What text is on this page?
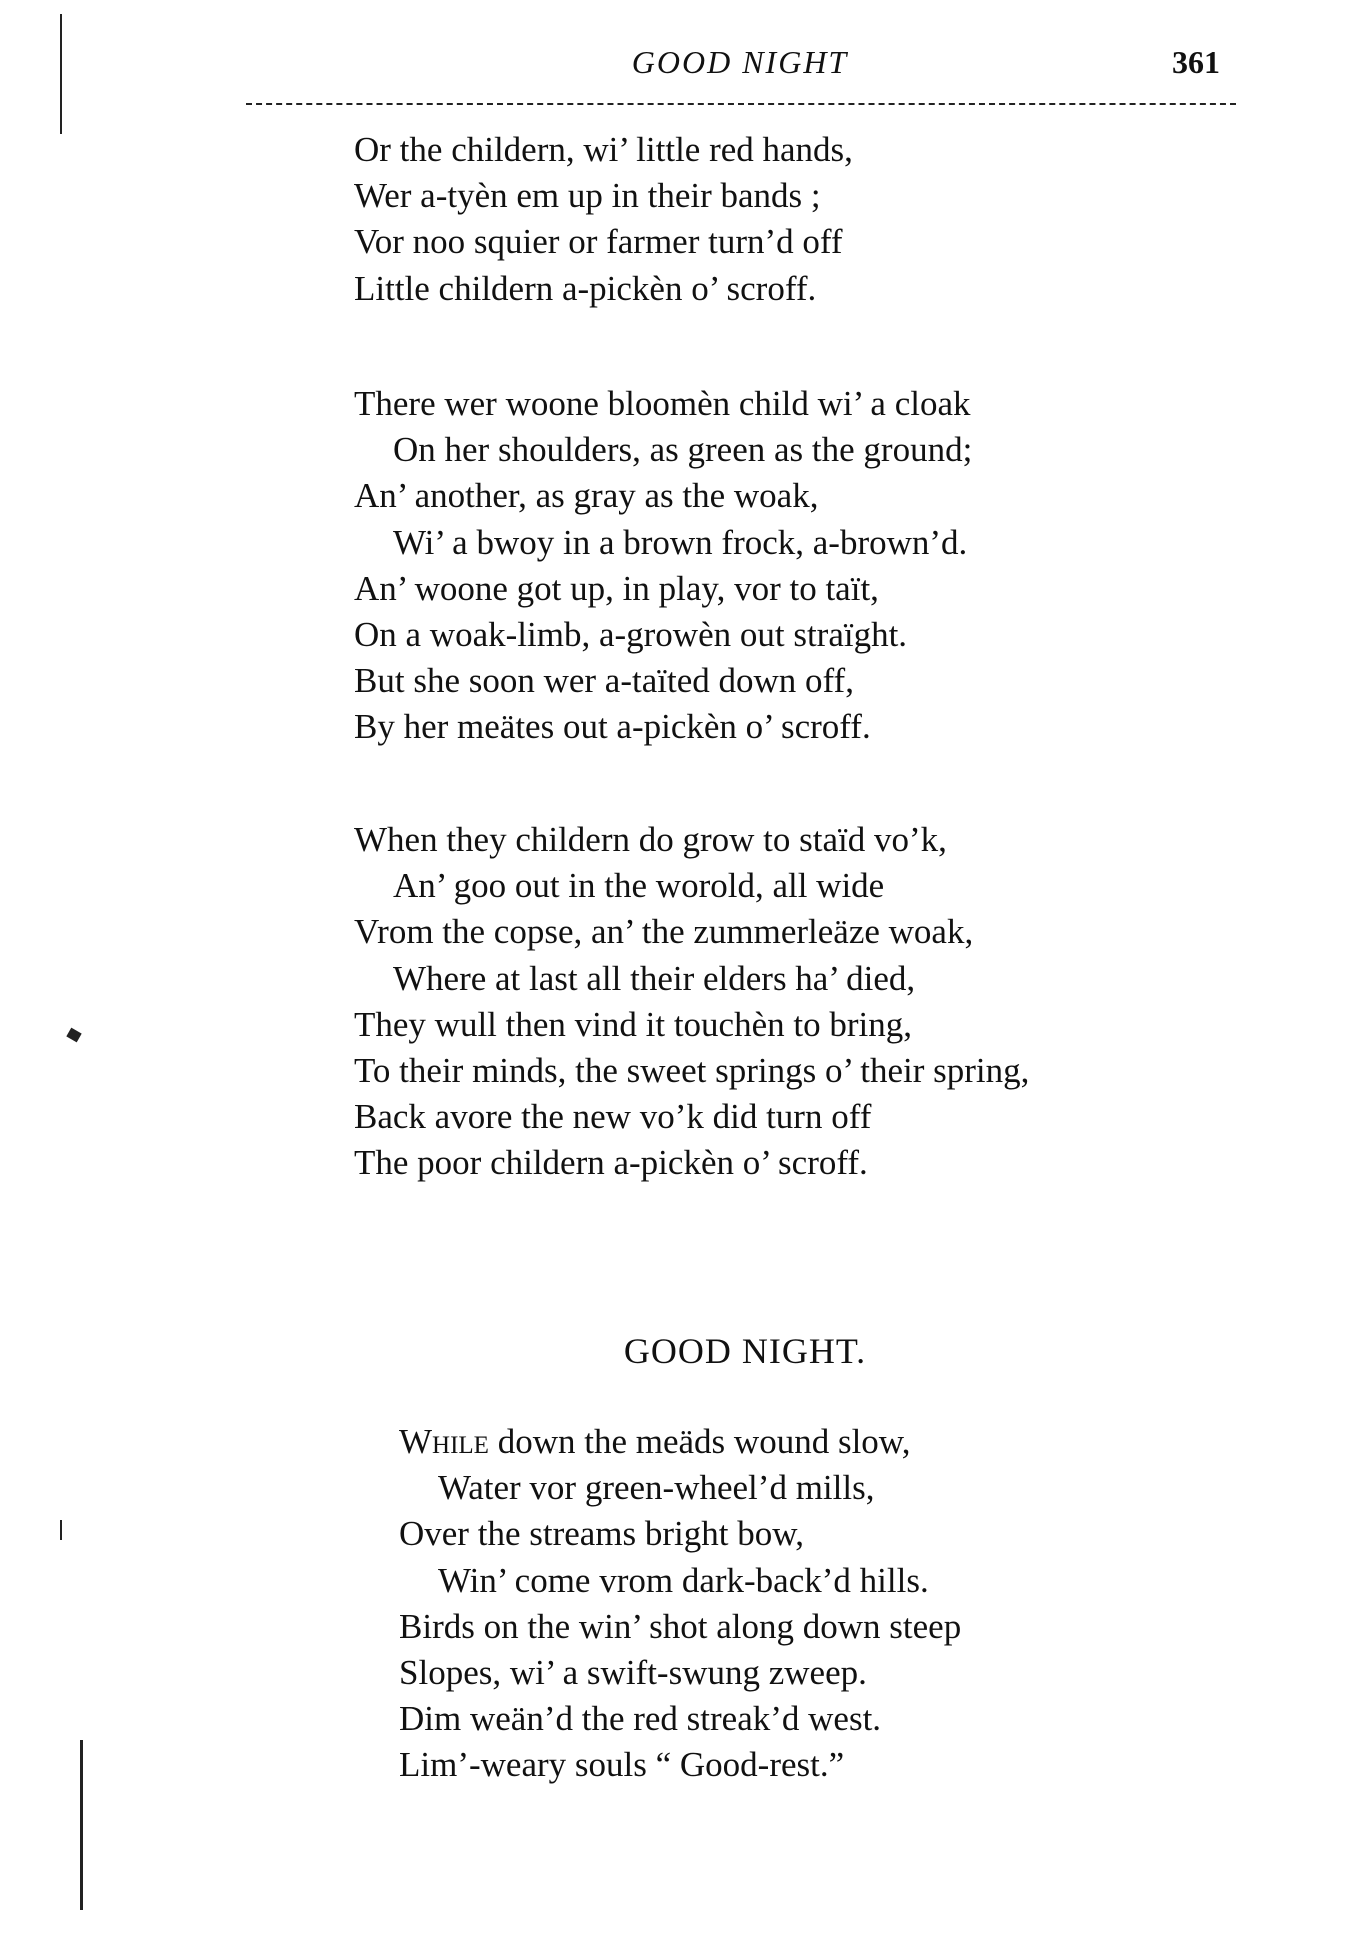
GOOD NIGHT	361
Or the childern, wi’ little red hands,
Wer a-tyèn em up in their bands ;
Vor noo squier or farmer turn’d off
Little childern a-pickèn o’ scroff.
There wer woone bloomèn child wi’ a cloak
On her shoulders, as green as the ground;
An’ another, as gray as the woak,
Wi’ a bwoy in a brown frock, a-brown’d.
An’ woone got up, in play, vor to taït,
On a woak-limb, a-growèn out straïght.
But she soon wer a-taïted down off,
By her meätes out a-pickèn o’ scroff.
When they childern do grow to staïd vo’k,
An’ goo out in the worold, all wide
Vrom the copse, an’ the zummerleäze woak,
Where at last all their elders ha’ died,
They wull then vind it touchèn to bring,
To their minds, the sweet springs o’ their spring,
Back avore the new vo’k did turn off
The poor childern a-pickèn o’ scroff.
GOOD NIGHT.
While down the meäds wound slow,
Water vor green-wheel’d mills,
Over the streams bright bow,
Win’ come vrom dark-back’d hills.
Birds on the win’ shot along down steep
Slopes, wi’ a swift-swung zweep.
Dim weän’d the red streak’d west.
Lim’-weary souls “ Good-rest.”
